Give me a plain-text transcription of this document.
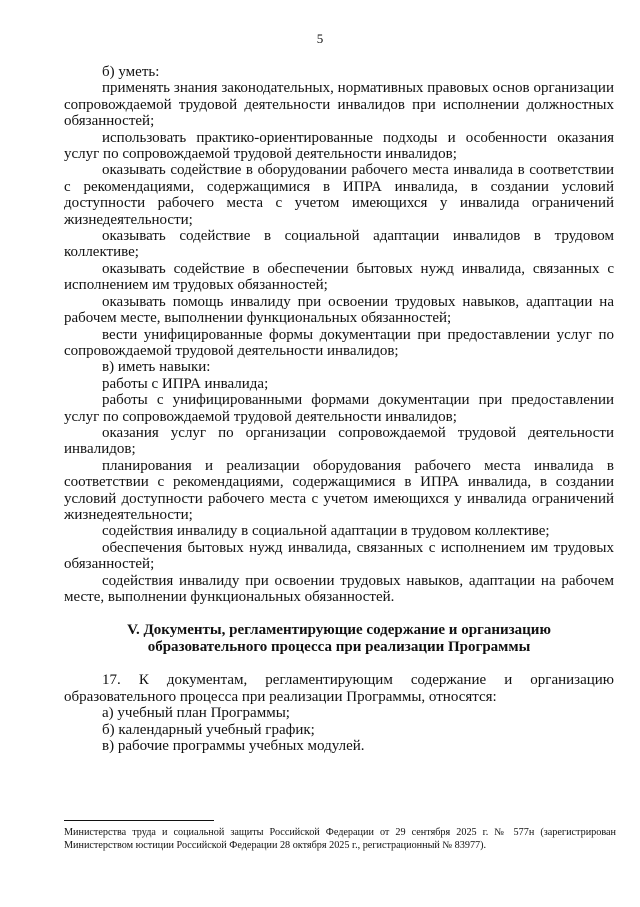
5

б) уметь:

применять знания законодательных, нормативных правовых основ организации сопровождаемой трудовой деятельности инвалидов при исполнении должностных обязанностей;

использовать практико-ориентированные подходы и особенности оказания услуг по сопровождаемой трудовой деятельности инвалидов;

оказывать содействие в оборудовании рабочего места инвалида в соответствии с рекомендациями, содержащимися в ИПРА инвалида, в создании условий доступности рабочего места с учетом имеющихся у инвалида ограничений жизнедеятельности;

оказывать содействие в социальной адаптации инвалидов в трудовом коллективе;

оказывать содействие в обеспечении бытовых нужд инвалида, связанных с исполнением им трудовых обязанностей;

оказывать помощь инвалиду при освоении трудовых навыков, адаптации на рабочем месте, выполнении функциональных обязанностей;

вести унифицированные формы документации при предоставлении услуг по сопровождаемой трудовой деятельности инвалидов;

в) иметь навыки:

работы с ИПРА инвалида;

работы с унифицированными формами документации при предоставлении услуг по сопровождаемой трудовой деятельности инвалидов;

оказания услуг по организации сопровождаемой трудовой деятельности инвалидов;

планирования и реализации оборудования рабочего места инвалида в соответствии с рекомендациями, содержащимися в ИПРА инвалида, в создании условий доступности рабочего места с учетом имеющихся у инвалида ограничений жизнедеятельности;

содействия инвалиду в социальной адаптации в трудовом коллективе;

обеспечения бытовых нужд инвалида, связанных с исполнением им трудовых обязанностей;

содействия инвалиду при освоении трудовых навыков, адаптации на рабочем месте, выполнении функциональных обязанностей.

V. Документы, регламентирующие содержание и организацию
образовательного процесса при реализации Программы

17. К документам, регламентирующим содержание и организацию образовательного процесса при реализации Программы, относятся:

а) учебный план Программы;

б) календарный учебный график;

в) рабочие программы учебных модулей.

Министерства труда и социальной защиты Российской Федерации от 29 сентября 2025 г. № 577н (зарегистрирован Министерством юстиции Российской Федерации 28 октября 2025 г., регистрационный № 83977).
